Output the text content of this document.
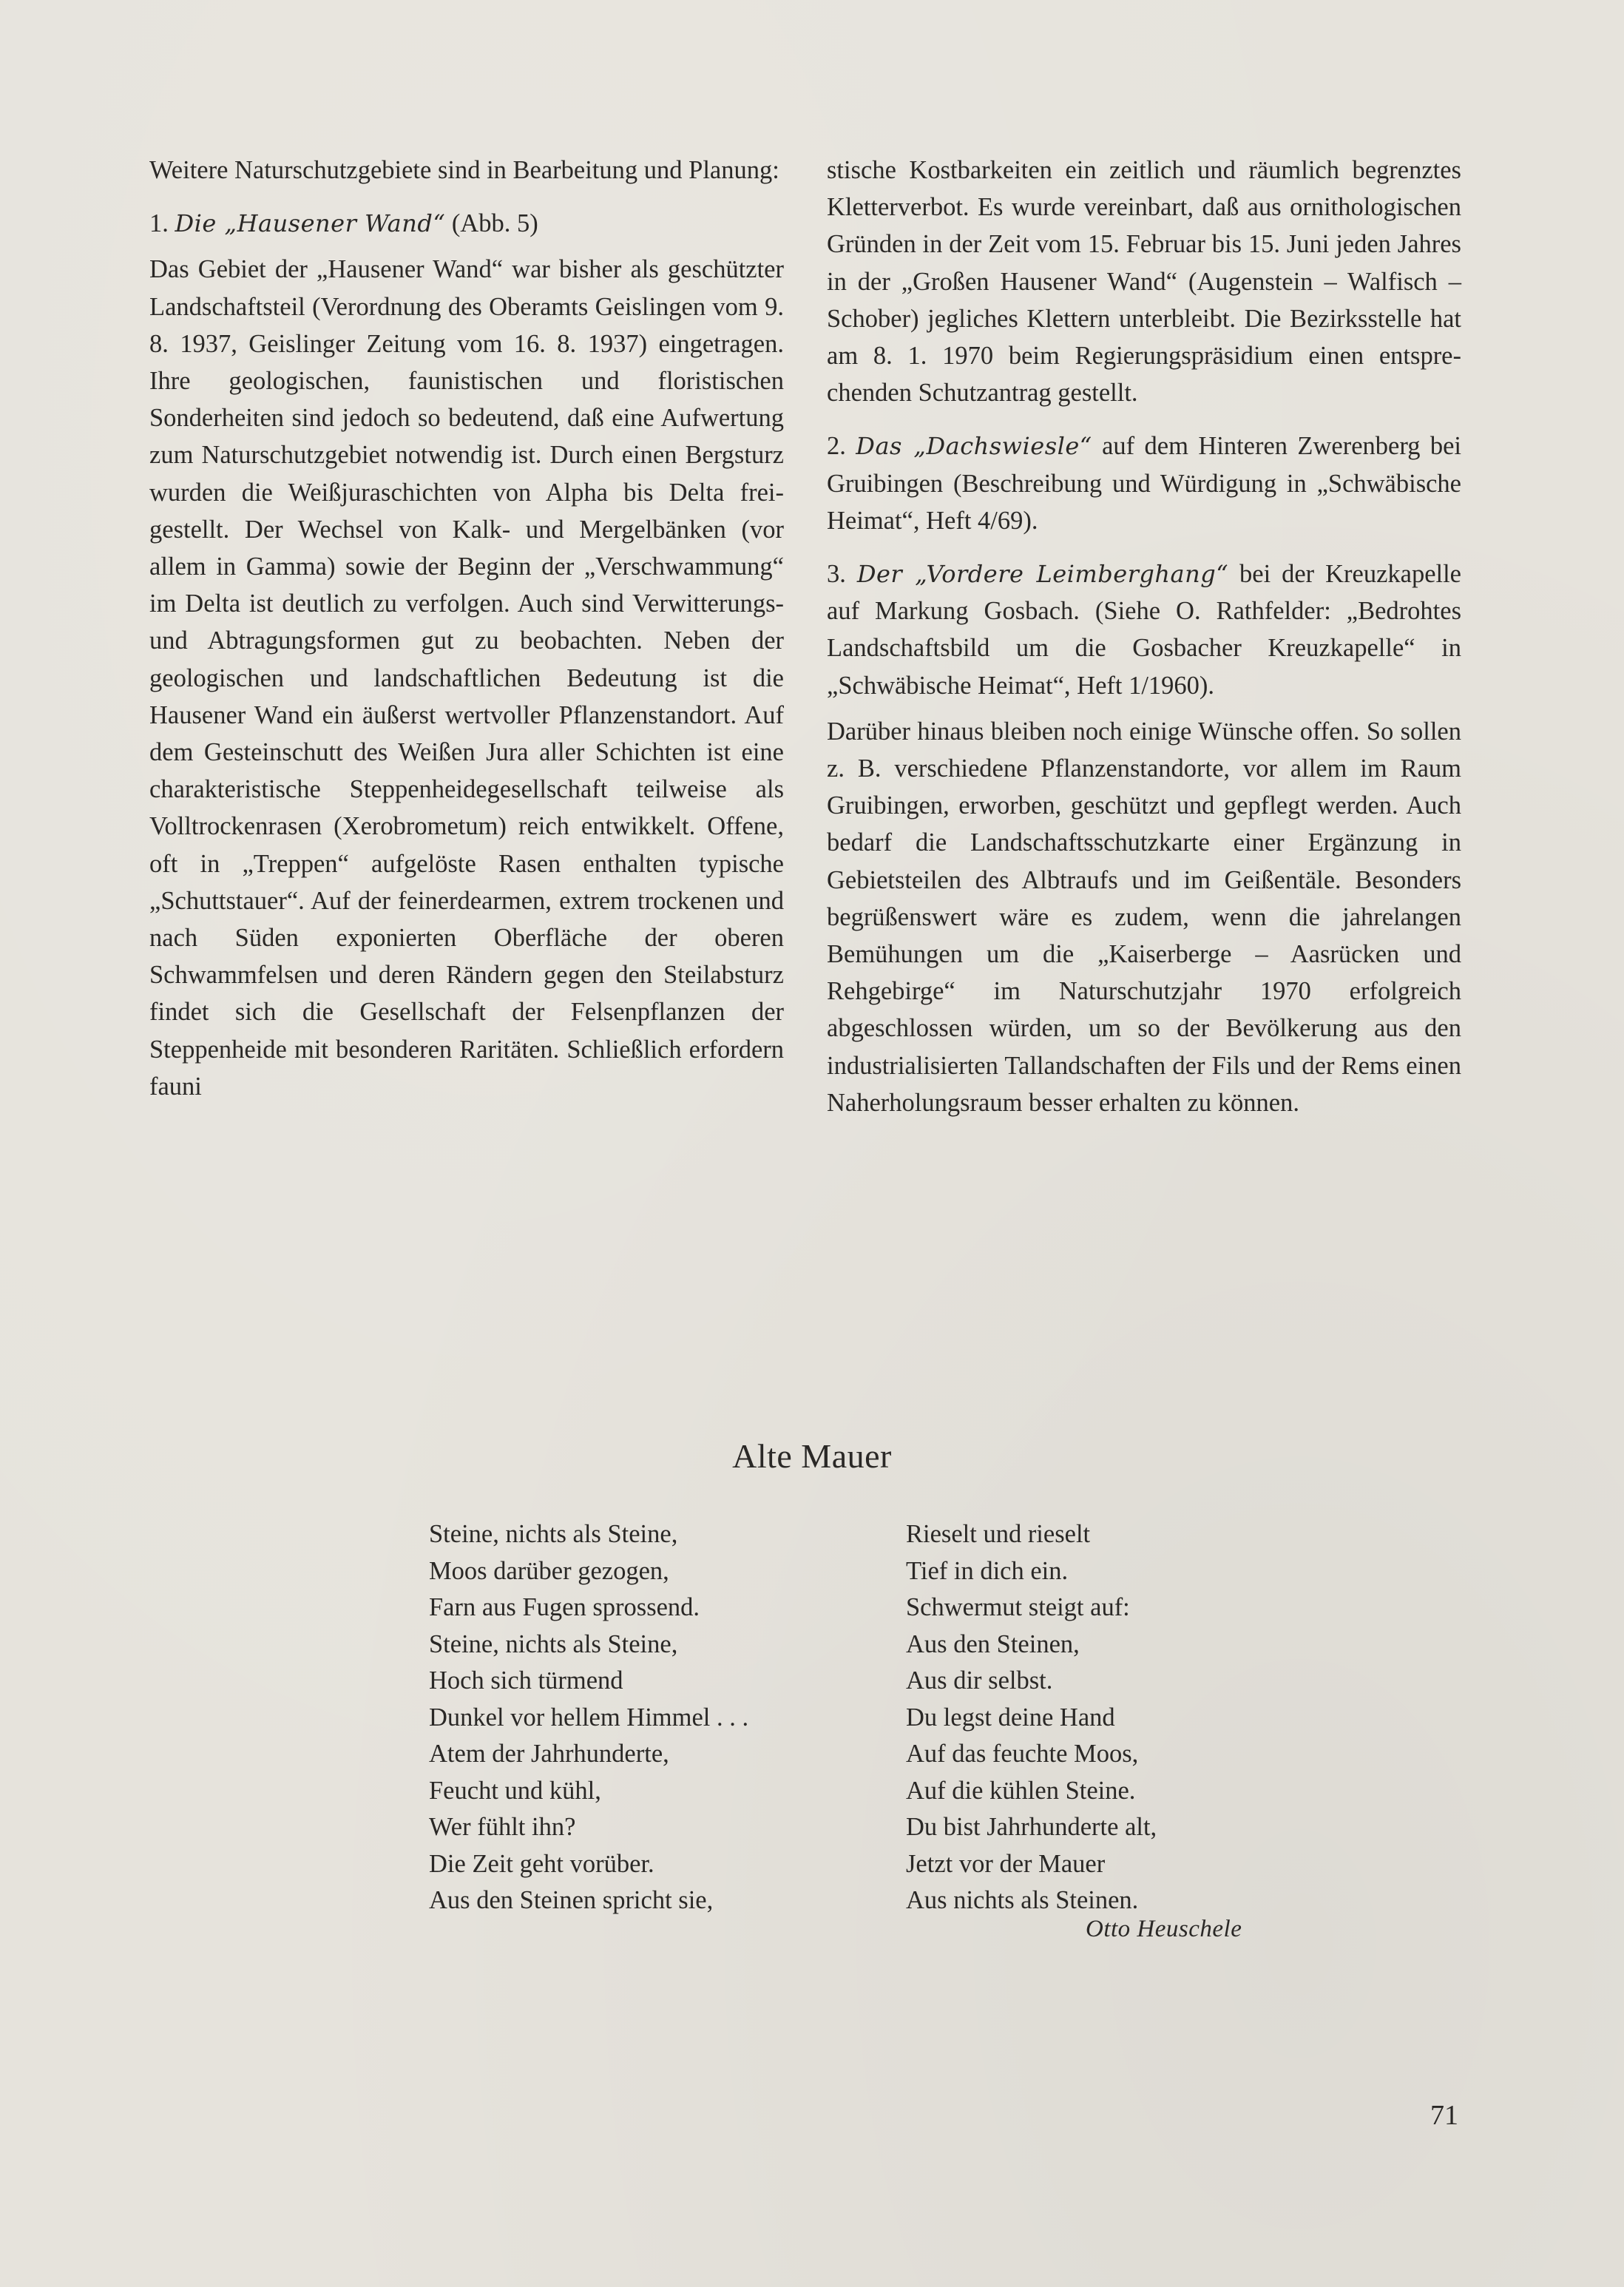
Weitere Naturschutzgebiete sind in Bearbeitung und Planung:

1. Die „Hausener Wand“ (Abb. 5)

Das Gebiet der „Hausener Wand“ war bisher als geschützter Landschaftsteil (Verordnung des Oberamts Geislingen vom 9. 8. 1937, Geislinger Zeitung vom 16. 8. 1937) eingetragen. Ihre geologischen, faunistischen und floristischen Sonderheiten sind jedoch so bedeutend, daß eine Aufwertung zum Naturschutzgebiet notwendig ist. Durch einen Bergsturz wurden die Weißjuraschichten von Alpha bis Delta freigestellt. Der Wechsel von Kalk- und Mergelbänken (vor allem in Gamma) sowie der Beginn der „Verschwammung“ im Delta ist deutlich zu verfolgen. Auch sind Verwitterungs- und Abtragungsformen gut zu beobachten. Neben der geologischen und landschaftlichen Bedeutung ist die Hausener Wand ein äußerst wertvoller Pflanzenstandort. Auf dem Gesteinschutt des Weißen Jura aller Schichten ist eine charakteristische Steppenheidegesellschaft teilweise als Volltrockenrasen (Xerobrometum) reich entwikkelt. Offene, oft in „Treppen“ aufgelöste Rasen enthalten typische „Schuttstauer“. Auf der feinerdearmen, extrem trockenen und nach Süden exponierten Oberfläche der oberen Schwammfelsen und deren Rändern gegen den Steilabsturz findet sich die Gesellschaft der Felsenpflanzen der Steppenheide mit besonderen Raritäten. Schließlich erfordern fauni

stische Kostbarkeiten ein zeitlich und räumlich begrenztes Kletterverbot. Es wurde vereinbart, daß aus ornithologischen Gründen in der Zeit vom 15. Februar bis 15. Juni jeden Jahres in der „Großen Hausener Wand“ (Augenstein – Walfisch – Schober) jegliches Klettern unterbleibt. Die Bezirksstelle hat am 8. 1. 1970 beim Regierungspräsidium einen entsprechenden Schutzantrag gestellt.

2. Das „Dachswiesle“ auf dem Hinteren Zwerenberg bei Gruibingen (Beschreibung und Würdigung in „Schwäbische Heimat“, Heft 4/69).

3. Der „Vordere Leimberghang“ bei der Kreuzkapelle auf Markung Gosbach. (Siehe O. Rathfelder: „Bedrohtes Landschaftsbild um die Gosbacher Kreuzkapelle“ in „Schwäbische Heimat“, Heft 1/1960).

Darüber hinaus bleiben noch einige Wünsche offen. So sollen z. B. verschiedene Pflanzenstandorte, vor allem im Raum Gruibingen, erworben, geschützt und gepflegt werden. Auch bedarf die Landschaftsschutzkarte einer Ergänzung in Gebietsteilen des Albtraufs und im Geißentäle. Besonders begrüßenswert wäre es zudem, wenn die jahrelangen Bemühungen um die „Kaiserberge – Aasrücken und Rehgebirge“ im Naturschutzjahr 1970 erfolgreich abgeschlossen würden, um so der Bevölkerung aus den industrialisierten Tallandschaften der Fils und der Rems einen Naherholungsraum besser erhalten zu können.

Alte Mauer
Steine, nichts als Steine,
Moos darüber gezogen,
Farn aus Fugen sprossend.
Steine, nichts als Steine,
Hoch sich türmend
Dunkel vor hellem Himmel . . .
Atem der Jahrhunderte,
Feucht und kühl,
Wer fühlt ihn?
Die Zeit geht vorüber.
Aus den Steinen spricht sie,
Rieselt und rieselt
Tief in dich ein.
Schwermut steigt auf:
Aus den Steinen,
Aus dir selbst.
Du legst deine Hand
Auf das feuchte Moos,
Auf die kühlen Steine.
Du bist Jahrhunderte alt,
Jetzt vor der Mauer
Aus nichts als Steinen.
Otto Heuschele
71
